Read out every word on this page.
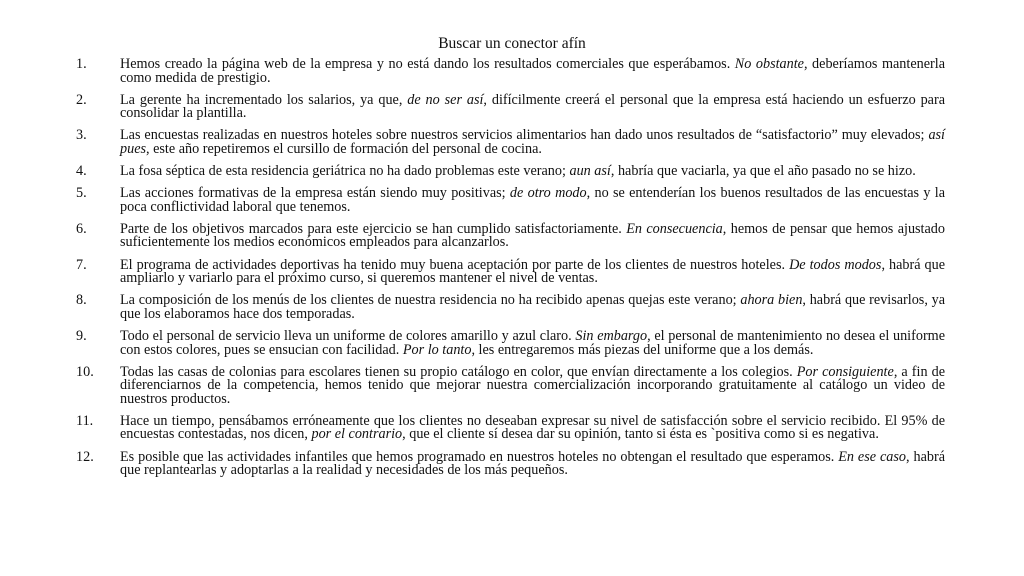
Buscar un conector afín
1.	Hemos creado la página web de la empresa y no está dando los resultados comerciales que esperábamos. No obstante, deberíamos mantenerla como medida de prestigio.
2.	La gerente ha incrementado los salarios, ya que, de no ser así, difícilmente creerá el personal que la empresa está haciendo un esfuerzo para consolidar la plantilla.
3.	Las encuestas realizadas en nuestros hoteles sobre nuestros servicios alimentarios han dado unos resultados de “satisfactorio” muy elevados; así pues, este año repetiremos el cursillo de formación del personal de cocina.
4.	La fosa séptica de esta residencia geriátrica no ha dado problemas este verano; aun así, habría que vaciarla, ya que el año pasado no se hizo.
5.	Las acciones formativas de la empresa están siendo muy positivas; de otro modo, no se entenderían los buenos resultados de las encuestas y la poca conflictividad laboral que tenemos.
6.	Parte de los objetivos marcados para este ejercicio se han cumplido satisfactoriamente. En consecuencia, hemos de pensar que hemos ajustado suficientemente los medios económicos empleados para alcanzarlos.
7.	El programa de actividades deportivas ha tenido muy buena aceptación por parte de los clientes de nuestros hoteles. De todos modos, habrá que ampliarlo y variarlo para el próximo curso, si queremos mantener el nivel de ventas.
8.	La composición de los menús de los clientes de nuestra residencia no ha recibido apenas quejas este verano; ahora bien, habrá que revisarlos, ya que los elaboramos hace dos temporadas.
9.	Todo el personal de servicio lleva un uniforme de colores amarillo y azul claro. Sin embargo, el personal de mantenimiento no desea el uniforme con estos colores, pues se ensucian con facilidad. Por lo tanto, les entregaremos más piezas del uniforme que a los demás.
10.	Todas las casas de colonias para escolares tienen su propio catálogo en color, que envían directamente a los colegios. Por consiguiente, a fin de diferenciarnos de la competencia, hemos tenido que mejorar nuestra comercialización incorporando gratuitamente al catálogo un video de nuestros productos.
11.	Hace un tiempo, pensábamos erróneamente que los clientes no deseaban expresar su nivel de satisfacción sobre el servicio recibido. El 95% de encuestas contestadas, nos dicen, por el contrario, que el cliente sí desea dar su opinión, tanto si ésta es `positiva como si es negativa.
12.	Es posible que las actividades infantiles que hemos programado en nuestros hoteles no obtengan el resultado que esperamos. En ese caso, habrá que replantearlas y adoptarlas a la realidad y necesidades de los más pequeños.
